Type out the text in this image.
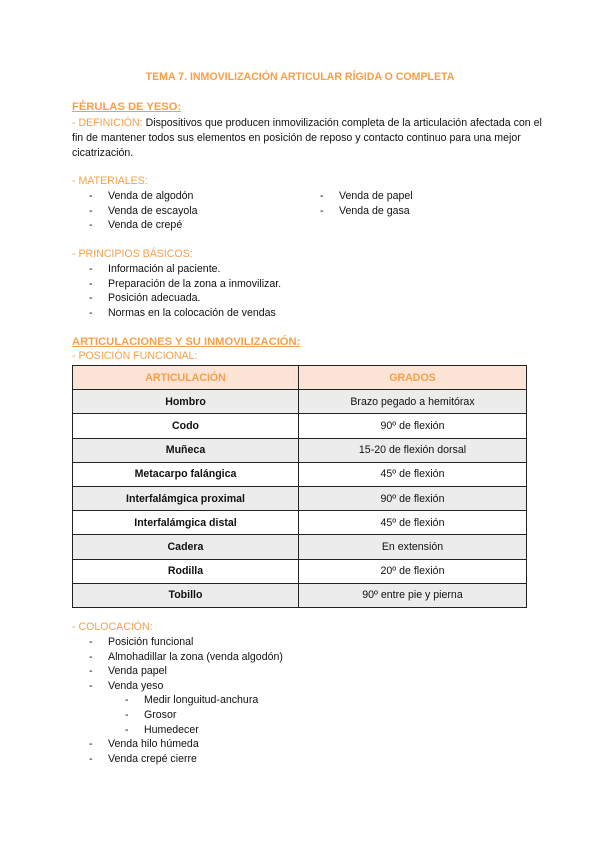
TEMA 7. INMOVILIZACIÓN ARTICULAR RÍGIDA O COMPLETA
FÉRULAS DE YESO:
- DEFINICIÓN: Dispositivos que producen inmovilización completa de la articulación afectada con el fin de mantener todos sus elementos en posición de reposo y contacto continuo para una mejor cicatrización.
- MATERIALES:
- Venda de algodón
- Venda de escayola
- Venda de crepé
- Venda de papel
- Venda de gasa
- PRINCIPIOS BÁSICOS:
- Información al paciente.
- Preparación de la zona a inmovilizar.
- Posición adecuada.
- Normas en la colocación de vendas
ARTICULACIONES Y SU INMOVILIZACIÓN:
- POSICIÓN FUNCIONAL:
ARTICULACIÓN	GRADOS
Hombro	Brazo pegado a hemitórax
Codo	90º de flexión
Muñeca	15-20 de flexión dorsal
Metacarpo falángica	45º de flexión
Interfalámgica proximal	90º de flexión
Interfalámgica distal	45º de flexión
Cadera	En extensión
Rodilla	20º de flexión
Tobillo	90º entre pie y pierna
- COLOCACIÓN:
- Posición funcional
- Almohadillar la zona (venda algodón)
- Venda papel
- Venda yeso
- Medir longuitud-anchura
- Grosor
- Humedecer
- Venda hilo húmeda
- Venda crepé cierre
